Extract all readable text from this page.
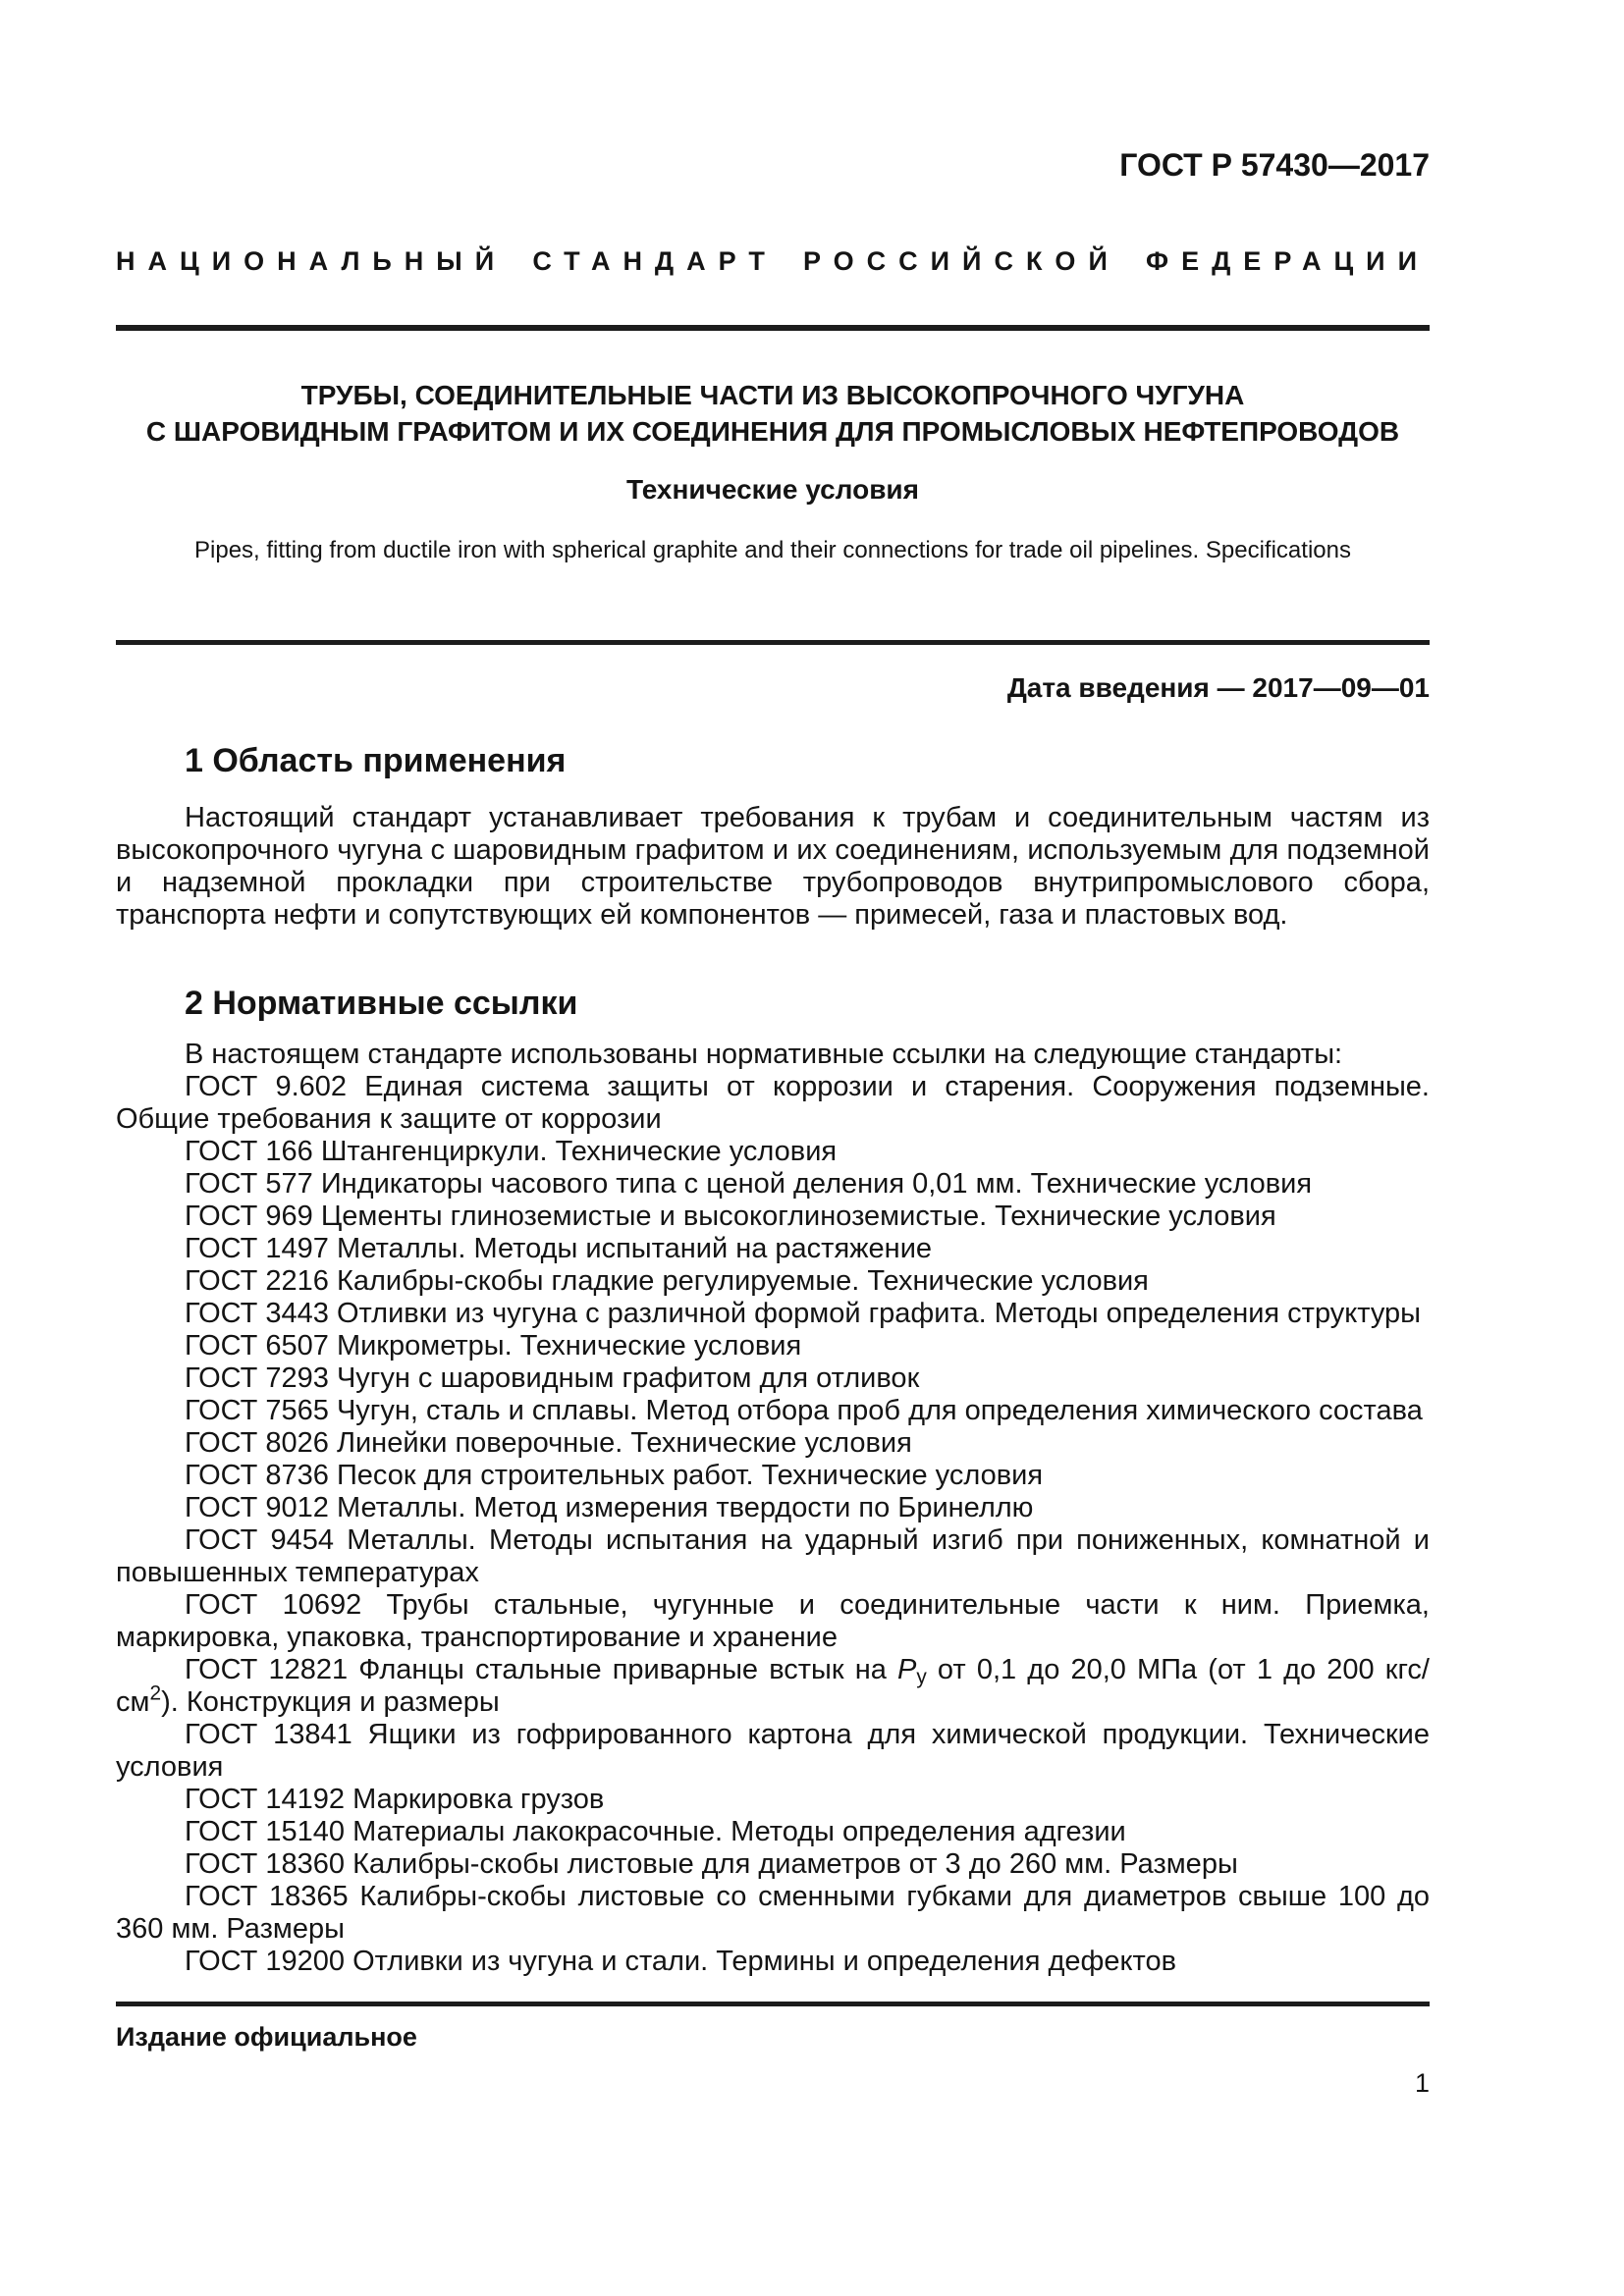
ГОСТ Р 57430—2017
НАЦИОНАЛЬНЫЙ СТАНДАРТ РОССИЙСКОЙ ФЕДЕРАЦИИ
ТРУБЫ, СОЕДИНИТЕЛЬНЫЕ ЧАСТИ ИЗ ВЫСОКОПРОЧНОГО ЧУГУНА
С ШАРОВИДНЫМ ГРАФИТОМ И ИХ СОЕДИНЕНИЯ ДЛЯ ПРОМЫСЛОВЫХ НЕФТЕПРОВОДОВ
Технические условия
Pipes, fitting from ductile iron with spherical graphite and their connections for trade oil pipelines. Specifications
Дата введения — 2017—09—01
1 Область применения

Настоящий стандарт устанавливает требования к трубам и соединительным частям из высокопрочного чугуна с шаровидным графитом и их соединениям, используемым для подземной и надземной прокладки при строительстве трубопроводов внутрипромыслового сбора, транспорта нефти и сопутствующих ей компонентов — примесей, газа и пластовых вод.

2 Нормативные ссылки

В настоящем стандарте использованы нормативные ссылки на следующие стандарты:

ГОСТ 9.602 Единая система защиты от коррозии и старения. Сооружения подземные. Общие требования к защите от коррозии

ГОСТ 166 Штангенциркули. Технические условия

ГОСТ 577 Индикаторы часового типа с ценой деления 0,01 мм. Технические условия

ГОСТ 969 Цементы глиноземистые и высокоглиноземистые. Технические условия

ГОСТ 1497 Металлы. Методы испытаний на растяжение

ГОСТ 2216 Калибры-скобы гладкие регулируемые. Технические условия

ГОСТ 3443 Отливки из чугуна с различной формой графита. Методы определения структуры

ГОСТ 6507 Микрометры. Технические условия

ГОСТ 7293 Чугун с шаровидным графитом для отливок

ГОСТ 7565 Чугун, сталь и сплавы. Метод отбора проб для определения химического состава

ГОСТ 8026 Линейки поверочные. Технические условия

ГОСТ 8736 Песок для строительных работ. Технические условия

ГОСТ 9012 Металлы. Метод измерения твердости по Бринеллю

ГОСТ 9454 Металлы. Методы испытания на ударный изгиб при пониженных, комнатной и повышенных температурах

ГОСТ 10692 Трубы стальные, чугунные и соединительные части к ним. Приемка, маркировка, упаковка, транспортирование и хранение

ГОСТ 12821 Фланцы стальные приварные встык на $P_у$ от 0,1 до 20,0 МПа (от 1 до 200 кгс/$см^2$). Конструкция и размеры

ГОСТ 13841 Ящики из гофрированного картона для химической продукции. Технические условия

ГОСТ 14192 Маркировка грузов

ГОСТ 15140 Материалы лакокрасочные. Методы определения адгезии

ГОСТ 18360 Калибры-скобы листовые для диаметров от 3 до 260 мм. Размеры

ГОСТ 18365 Калибры-скобы листовые со сменными губками для диаметров свыше 100 до 360 мм. Размеры

ГОСТ 19200 Отливки из чугуна и стали. Термины и определения дефектов

Издание официальное
1
